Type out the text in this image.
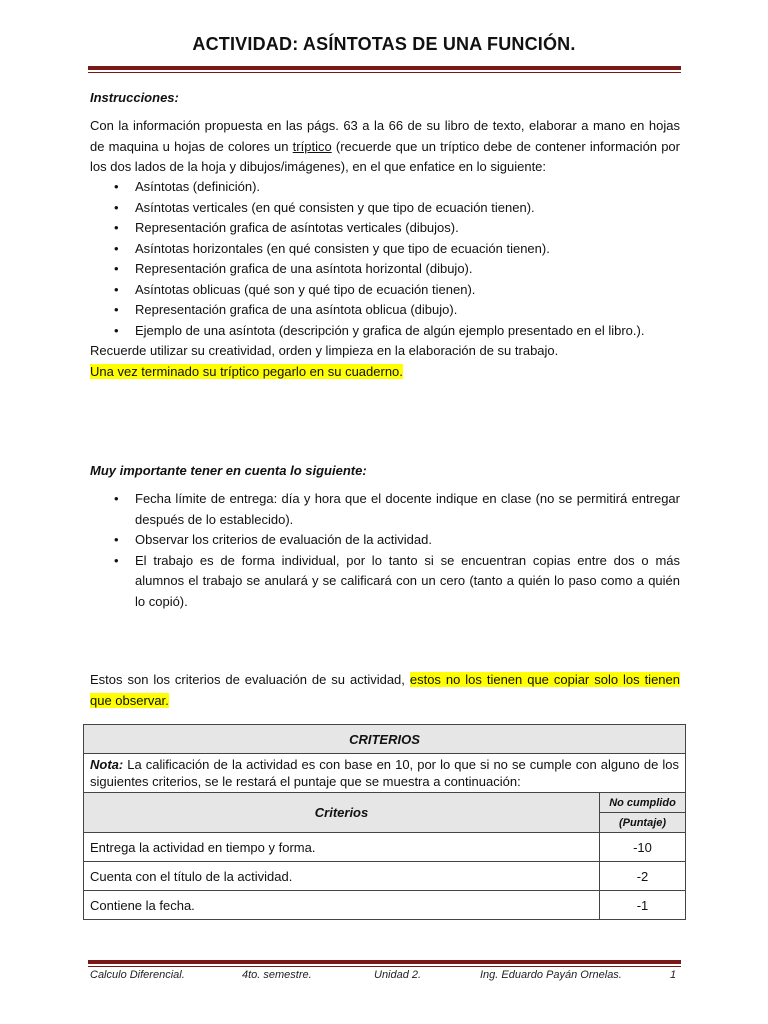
ACTIVIDAD: ASÍNTOTAS DE UNA FUNCIÓN.
Instrucciones:
Con la información propuesta en las págs. 63 a la 66 de su libro de texto, elaborar a mano en hojas de maquina u hojas de colores un tríptico (recuerde que un tríptico debe de contener información por los dos lados de la hoja y dibujos/imágenes), en el que enfatice en lo siguiente:
• Asíntotas (definición).
• Asíntotas verticales (en qué consisten y que tipo de ecuación tienen).
• Representación grafica de asíntotas verticales (dibujos).
• Asíntotas horizontales (en qué consisten y que tipo de ecuación tienen).
• Representación grafica de una asíntota horizontal (dibujo).
• Asíntotas oblicuas (qué son y qué tipo de ecuación tienen).
• Representación grafica de una asíntota oblicua (dibujo).
• Ejemplo de una asíntota (descripción y grafica de algún ejemplo presentado en el libro.).
Recuerde utilizar su creatividad, orden y limpieza en la elaboración de su trabajo.
Una vez terminado su tríptico pegarlo en su cuaderno.
Muy importante tener en cuenta lo siguiente:
• Fecha límite de entrega: día y hora que el docente indique en clase (no se permitirá entregar después de lo establecido).
• Observar los criterios de evaluación de la actividad.
• El trabajo es de forma individual, por lo tanto si se encuentran copias entre dos o más alumnos el trabajo se anulará y se calificará con un cero (tanto a quién lo paso como a quién lo copió).
Estos son los criterios de evaluación de su actividad, estos no los tienen que copiar solo los tienen que observar.
CRITERIOS	
Nota: La calificación de la actividad es con base en 10, por lo que si no se cumple con alguno de los siguientes criterios, se le restará el puntaje que se muestra a continuación:	
Criterios	No cumplido
	(Puntaje)
Entrega la actividad en tiempo y forma.	-10
Cuenta con el título de la actividad.	-2
Contiene la fecha.	-1
Calculo Diferencial.	4to. semestre.	Unidad 2.	Ing. Eduardo Payán Ornelas.	1
